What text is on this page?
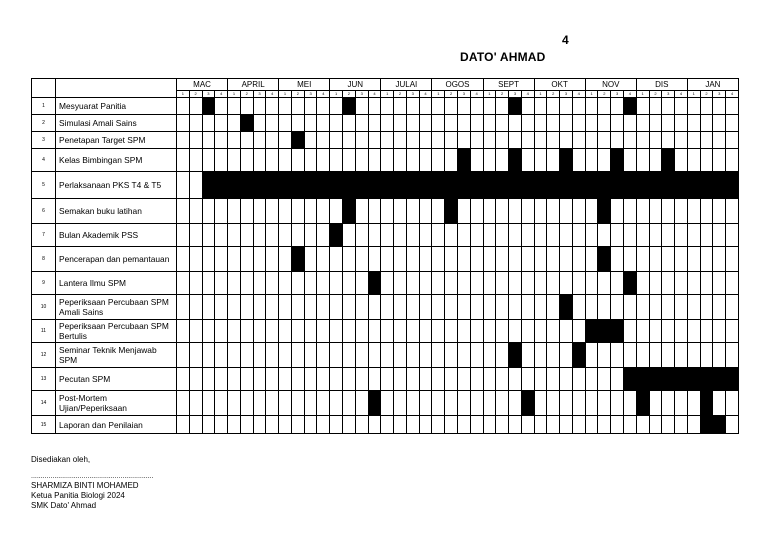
4
DATO' AHMAD
		MAC				APRIL				MEI				JUN				JULAI				OGOS				SEPT				OKT				NOV				DIS				JAN			
		1	2	3	4	1	2	3	4	1	2	3	4	1	2	3	4	1	2	3	4	1	2	3	4	1	2	3	4	1	2	3	4	1	2	3	4	1	2	3	4	1	2	3	4
1	Mesyuarat Panitia																																												
2	Simulasi Amali Sains																																												
3	Penetapan Target SPM																																												
4	Kelas Bimbingan SPM																																												
5	Perlaksanaan PKS T4 & T5																																												
6	Semakan buku latihan																																												
7	Bulan Akademik PSS																																												
8	Pencerapan dan pemantauan																																												
9	Lantera Ilmu SPM																																												
10	Peperiksaan Percubaan SPM Amali Sains																																												
11	Peperiksaan Percubaan SPM Bertulis																																												
12	Seminar Teknik Menjawab SPM																																												
13	Pecutan SPM																																												
14	Post-Mortem Ujian/Peperiksaan																																												
15	Laporan dan Penilaian																																												
Disediakan oleh,
...............................................................
SHARMIZA BINTI MOHAMED
Ketua Panitia Biologi 2024
SMK Dato' Ahmad
